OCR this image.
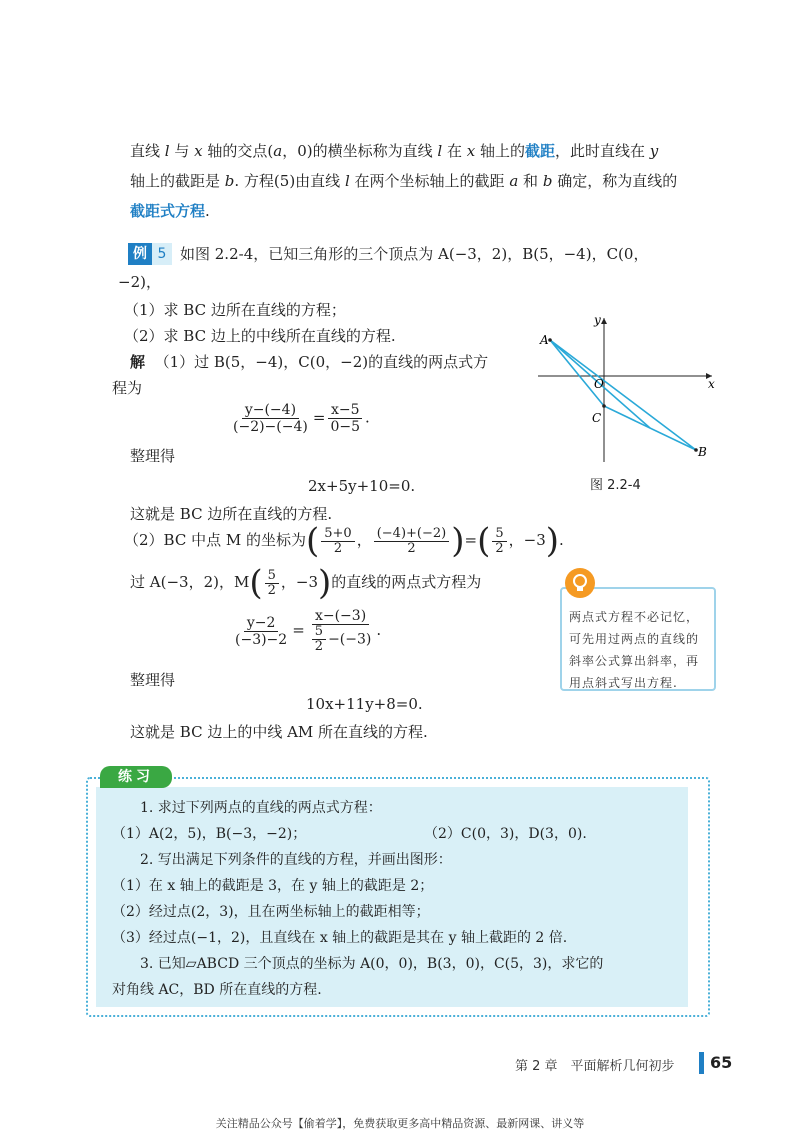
直线 l 与 x 轴的交点(a，0)的横坐标称为直线 l 在 x 轴上的截距，此时直线在 y
轴上的截距是 b. 方程(5)由直线 l 在两个坐标轴上的截距 a 和 b 确定，称为直线的
截距式方程.
例 5 如图 2.2-4，已知三角形的三个顶点为 A(−3，2)，B(5，−4)，C(0，
−2)，
（1）求 BC 边所在直线的方程；
（2）求 BC 边上的中线所在直线的方程.
解 （1）过 B(5，−4)，C(0，−2)的直线的两点式方
程为
$\frac{y-(-4)}{(-2)-(-4)} = \frac{x-5}{0-5}$ .
整理得
2x+5y+10=0.
这就是 BC 边所在直线的方程.
（2）BC 中点 M 的坐标为( $\frac{5+0}{2}$ ， $\frac{(-4)+(-2)}{2}$ )=( $\frac{5}{2}$ ，−3).
过 A(−3，2)，$M( \frac{5}{2}$ ，−3)的直线的两点式方程为
$\frac{y-2}{(-3)-2} = \frac{x-(-3)}{\frac{5}{2} -(-3)}$ .
整理得
10x+11y+8=0.
这就是 BC 边上的中线 AM 所在直线的方程.
A
B
C
O
y
x
图 2.2-4
两点式方程不必记忆，可先用过两点的直线的斜率公式算出斜率，再用点斜式写出方程.
练习
1. 求过下列两点的直线的两点式方程：
（1）A(2，5)，B(−3，−2)；	（2）C(0，3)，D(3，0).
2. 写出满足下列条件的直线的方程，并画出图形：
（1）在 x 轴上的截距是 3，在 y 轴上的截距是 2；
（2）经过点(2，3)，且在两坐标轴上的截距相等；
（3）经过点(−1，2)，且直线在 x 轴上的截距是其在 y 轴上截距的 2 倍.
3. 已知▱ABCD 三个顶点的坐标为 A(0，0)，B(3，0)，C(5，3)，求它的
对角线 AC，BD 所在直线的方程.
第 2 章　平面解析几何初步 65
关注精品公众号【偷着学】，免费获取更多高中精品资源、最新网课、讲义等
